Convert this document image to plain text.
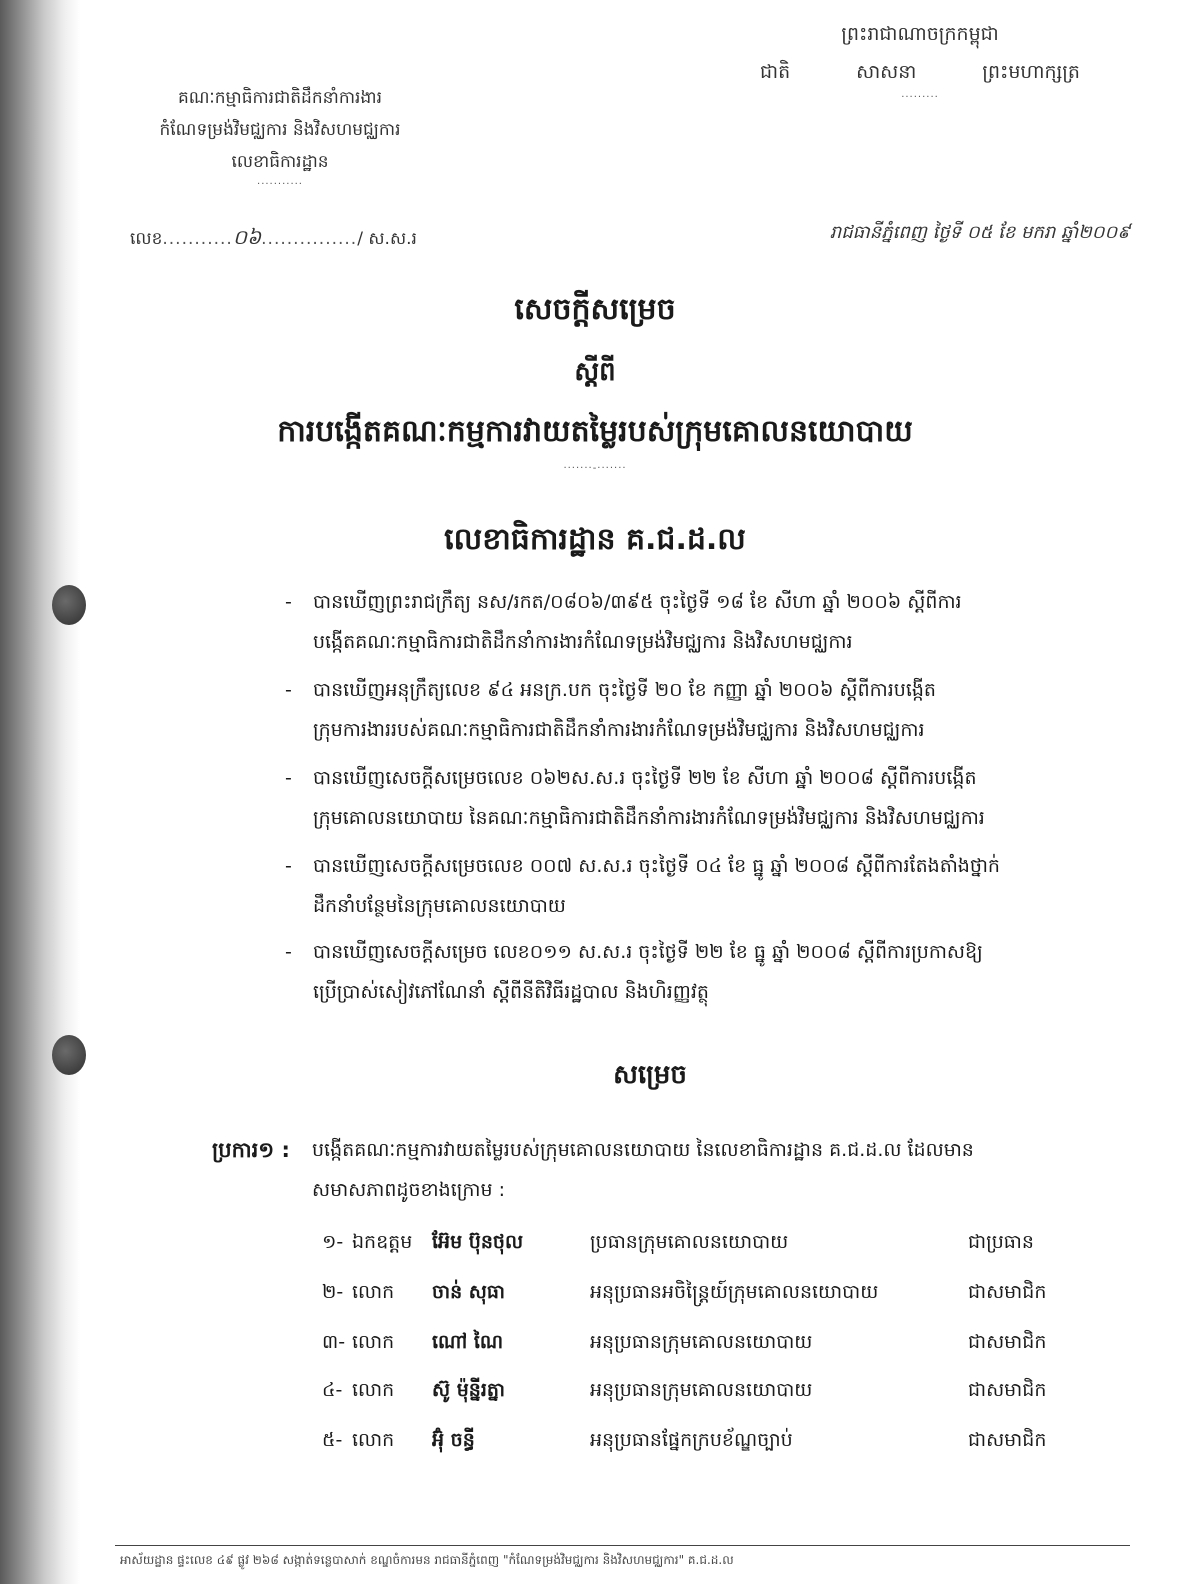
ព្រះរាជាណាចក្រកម្ពុជា
ជាតិ	សាសនា	ព្រះមហាក្សត្រ
·········
គណៈកម្មាធិការជាតិដឹកនាំការងារ
កំណែទម្រង់វិមជ្ឈការ និងវិសហមជ្ឈការ
លេខាធិការដ្ឋាន
···········
លេខ...........០៦.............../ ស.ស.រ	រាជធានីភ្នំពេញ ថ្ងៃទី ០៥ ខែ មករា ឆ្នាំ២០០៩
សេចក្តីសម្រេច
ស្តីពី
ការបង្កើតគណៈកម្មការវាយតម្លៃរបស់ក្រុមគោលនយោបាយ
·······-·······
លេខាធិការដ្ឋាន គ.ជ.ដ.ល
-	បានឃើញព្រះរាជក្រឹត្យ នស/រកត/០៨០៦/៣៩៥ ចុះថ្ងៃទី ១៨ ខែ សីហា ឆ្នាំ ២០០៦ ស្តីពីការ
បង្កើតគណៈកម្មាធិការជាតិដឹកនាំការងារកំណែទម្រង់វិមជ្ឈការ និងវិសហមជ្ឈការ
-	បានឃើញអនុក្រឹត្យលេខ ៩៤ អនក្រ.បក ចុះថ្ងៃទី ២០ ខែ កញ្ញា ឆ្នាំ ២០០៦ ស្តីពីការបង្កើត
ក្រុមការងាររបស់គណៈកម្មាធិការជាតិដឹកនាំការងារកំណែទម្រង់វិមជ្ឈការ និងវិសហមជ្ឈការ
-	បានឃើញសេចក្តីសម្រេចលេខ ០៦២ស.ស.រ ចុះថ្ងៃទី ២២ ខែ សីហា ឆ្នាំ ២០០៨ ស្តីពីការបង្កើត
ក្រុមគោលនយោបាយ នៃគណៈកម្មាធិការជាតិដឹកនាំការងារកំណែទម្រង់វិមជ្ឈការ និងវិសហមជ្ឈការ
-	បានឃើញសេចក្តីសម្រេចលេខ ០០៧ ស.ស.រ ចុះថ្ងៃទី ០៤ ខែ ធ្នូ ឆ្នាំ ២០០៨ ស្តីពីការតែងតាំងថ្នាក់
ដឹកនាំបន្ថែមនៃក្រុមគោលនយោបាយ
-	បានឃើញសេចក្តីសម្រេច លេខ០១១ ស.ស.រ ចុះថ្ងៃទី ២២ ខែ ធ្នូ ឆ្នាំ ២០០៨ ស្តីពីការប្រកាសឱ្យ
ប្រើប្រាស់សៀវភៅណែនាំ ស្តីពីនីតិវិធីរដ្ឋបាល និងហិរញ្ញវត្ថុ
សម្រេច
ប្រការ១ : បង្កើតគណៈកម្មការវាយតម្លៃរបស់ក្រុមគោលនយោបាយ នៃលេខាធិការដ្ឋាន គ.ជ.ដ.ល ដែលមាន
សមាសភាពដូចខាងក្រោម :
១- ឯកឧត្តម អ៊ែម ប៊ុនថុល	ប្រធានក្រុមគោលនយោបាយ	ជាប្រធាន
២- លោក ចាន់ សុធា	អនុប្រធានអចិន្ត្រៃយ៍ក្រុមគោលនយោបាយ	ជាសមាជិក
៣- លោក ណៅ ណៃ	អនុប្រធានក្រុមគោលនយោបាយ	ជាសមាជិក
៤- លោក ស៊ូ ម៉ុន្នីរត្នា	អនុប្រធានក្រុមគោលនយោបាយ	ជាសមាជិក
៥- លោក អ៊ុំ ចន្ធី	អនុប្រធានផ្នែកក្របខ័ណ្ឌច្បាប់	ជាសមាជិក
អាស័យដ្ឋាន ផ្ទះលេខ ៤៩ ផ្លូវ ២៦៨ សង្កាត់ទន្លេបាសាក់ ខណ្ឌចំការមន រាជធានីភ្នំពេញ "កំណែទម្រង់វិមជ្ឈការ និងវិសហមជ្ឈការ" គ.ជ.ដ.ល
